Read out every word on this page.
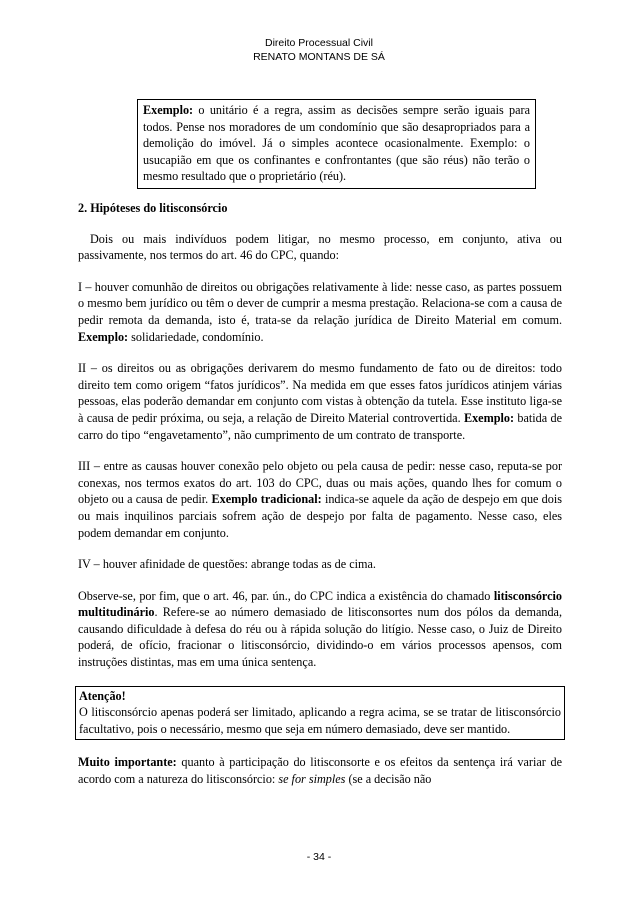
Direito Processual Civil
RENATO MONTANS DE SÁ
Exemplo: o unitário é a regra, assim as decisões sempre serão iguais para todos. Pense nos moradores de um condomínio que são desapropriados para a demolição do imóvel. Já o simples acontece ocasionalmente. Exemplo: o usucapião em que os confinantes e confrontantes (que são réus) não terão o mesmo resultado que o proprietário (réu).

2. Hipóteses do litisconsórcio

Dois ou mais indivíduos podem litigar, no mesmo processo, em conjunto, ativa ou passivamente, nos termos do art. 46 do CPC, quando:

I – houver comunhão de direitos ou obrigações relativamente à lide: nesse caso, as partes possuem o mesmo bem jurídico ou têm o dever de cumprir a mesma prestação. Relaciona-se com a causa de pedir remota da demanda, isto é, trata-se da relação jurídica de Direito Material em comum. Exemplo: solidariedade, condomínio.

II – os direitos ou as obrigações derivarem do mesmo fundamento de fato ou de direitos: todo direito tem como origem “fatos jurídicos”. Na medida em que esses fatos jurídicos atinjem várias pessoas, elas poderão demandar em conjunto com vistas à obtenção da tutela. Esse instituto liga-se à causa de pedir próxima, ou seja, a relação de Direito Material controvertida. Exemplo: batida de carro do tipo “engavetamento”, não cumprimento de um contrato de transporte.

III – entre as causas houver conexão pelo objeto ou pela causa de pedir: nesse caso, reputa-se por conexas, nos termos exatos do art. 103 do CPC, duas ou mais ações, quando lhes for comum o objeto ou a causa de pedir. Exemplo tradicional: indica-se aquele da ação de despejo em que dois ou mais inquilinos parciais sofrem ação de despejo por falta de pagamento. Nesse caso, eles podem demandar em conjunto.

IV – houver afinidade de questões: abrange todas as de cima.

Observe-se, por fim, que o art. 46, par. ún., do CPC indica a existência do chamado litisconsórcio multitudinário. Refere-se ao número demasiado de litisconsortes num dos pólos da demanda, causando dificuldade à defesa do réu ou à rápida solução do litígio. Nesse caso, o Juiz de Direito poderá, de ofício, fracionar o litisconsórcio, dividindo-o em vários processos apensos, com instruções distintas, mas em uma única sentença.

Atenção!
O litisconsórcio apenas poderá ser limitado, aplicando a regra acima, se se tratar de litisconsórcio facultativo, pois o necessário, mesmo que seja em número demasiado, deve ser mantido.

Muito importante: quanto à participação do litisconsorte e os efeitos da sentença irá variar de acordo com a natureza do litisconsórcio: se for simples (se a decisão não

- 34 -
